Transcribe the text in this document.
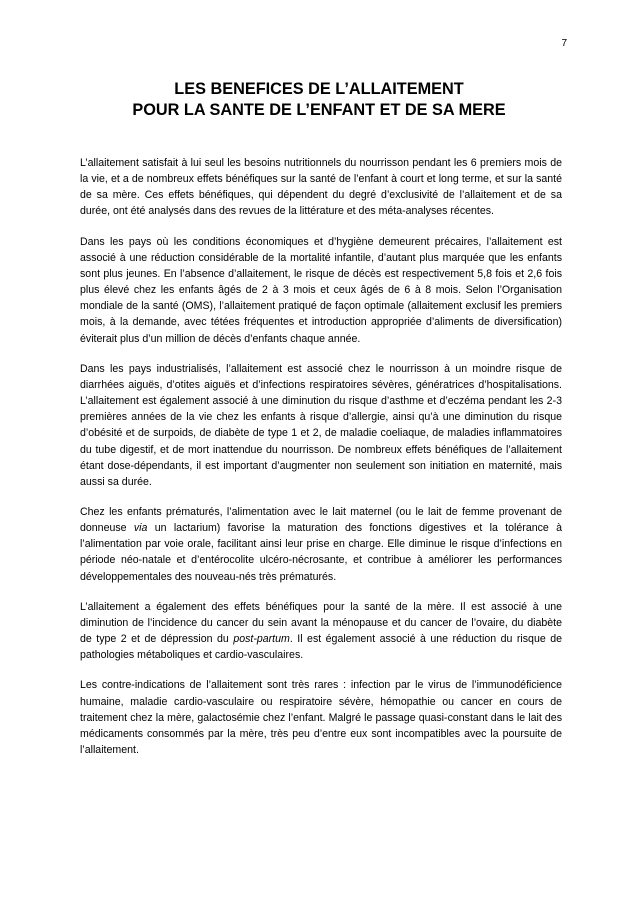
7
LES BENEFICES DE L’ALLAITEMENT
POUR LA SANTE DE L’ENFANT ET DE SA MERE

L’allaitement satisfait à lui seul les besoins nutritionnels du nourrisson pendant les 6 premiers mois de la vie, et a de nombreux effets bénéfiques sur la santé de l’enfant à court et long terme, et sur la santé de sa mère. Ces effets bénéfiques, qui dépendent du degré d’exclusivité de l’allaitement et de sa durée, ont été analysés dans des revues de la littérature et des méta-analyses récentes.

Dans les pays où les conditions économiques et d’hygiène demeurent précaires, l’allaitement est associé à une réduction considérable de la mortalité infantile, d’autant plus marquée que les enfants sont plus jeunes. En l’absence d’allaitement, le risque de décès est respectivement 5,8 fois et 2,6 fois plus élevé chez les enfants âgés de 2 à 3 mois et ceux âgés de 6 à 8 mois. Selon l’Organisation mondiale de la santé (OMS), l’allaitement pratiqué de façon optimale (allaitement exclusif les premiers mois, à la demande, avec tétées fréquentes et introduction appropriée d’aliments de diversification) éviterait plus d’un million de décès d’enfants chaque année.

Dans les pays industrialisés, l’allaitement est associé chez le nourrisson à un moindre risque de diarrhées aiguës, d’otites aiguës et d’infections respiratoires sévères, génératrices d’hospitalisations. L’allaitement est également associé à une diminution du risque d’asthme et d’eczéma pendant les 2-3 premières années de la vie chez les enfants à risque d’allergie, ainsi qu’à une diminution du risque d’obésité et de surpoids, de diabète de type 1 et 2, de maladie coeliaque, de maladies inflammatoires du tube digestif, et de mort inattendue du nourrisson. De nombreux effets bénéfiques de l’allaitement étant dose-dépendants, il est important d’augmenter non seulement son initiation en maternité, mais aussi sa durée.

Chez les enfants prématurés, l’alimentation avec le lait maternel (ou le lait de femme provenant de donneuse via un lactarium) favorise la maturation des fonctions digestives et la tolérance à l’alimentation par voie orale, facilitant ainsi leur prise en charge. Elle diminue le risque d’infections en période néo-natale et d’entérocolite ulcéro-nécrosante, et contribue à améliorer les performances développementales des nouveau-nés très prématurés.

L’allaitement a également des effets bénéfiques pour la santé de la mère. Il est associé à une diminution de l’incidence du cancer du sein avant la ménopause et du cancer de l’ovaire, du diabète de type 2 et de dépression du post-partum. Il est également associé à une réduction du risque de pathologies métaboliques et cardio-vasculaires.

Les contre-indications de l’allaitement sont très rares : infection par le virus de l’immunodéficience humaine, maladie cardio-vasculaire ou respiratoire sévère, hémopathie ou cancer en cours de traitement chez la mère, galactosémie chez l’enfant. Malgré le passage quasi-constant dans le lait des médicaments consommés par la mère, très peu d’entre eux sont incompatibles avec la poursuite de l’allaitement.
